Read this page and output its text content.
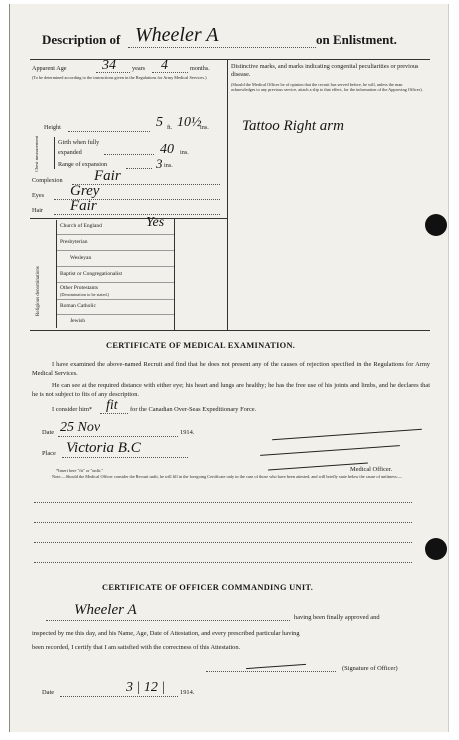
Description of Wheeler A	on Enlistment.
Apparent Age	34	years 4	months.
(To be determined according to the instructions given in the Regulations for Army Medical Services.)
Distinctive marks, and marks indicating congenital peculiarities or previous disease.
(Should the Medical Officer be of opinion that the recruit has served before, he will, unless the man acknowledges to any previous service, attach a slip to that effect, for the information of the Approving Officer).
Tattoo Right arm
Height	5 ft. 10½
ins.
Chest measurement	Girth when fully expanded	40 ins.
Range of expansion	3 ins.
Complexion Fair
Eyes Grey
Hair Fair
Religious denominations
Church of England	Yes
Presbyterian
Wesleyan
Baptist or Congregationalist
Other Protestants
(Denomination to be stated.)
Roman Catholic
Jewish
CERTIFICATE OF MEDICAL EXAMINATION.
I have examined the above-named Recruit and find that he does not present any of the causes of rejection specified in the Regulations for Army Medical Services.
He can see at the required distance with either eye; his heart and lungs are healthy; he has the free use of his joints and limbs, and he declares that he is not subject to fits of any description.
I consider him* fit for the Canadian Over-Seas Expeditionary Force.
Date 25 Nov	1914.
Place Victoria B.C
Medical Officer.
*Insert here "fit" or "unfit."
Note.—Should the Medical Officer consider the Recruit unfit, he will fill in the foregoing Certificate only in the case of those who have been attested, and will briefly state below the cause of unfitness:—
CERTIFICATE OF OFFICER COMMANDING UNIT.
Wheeler A	having been finally approved and
inspected by me this day, and his Name, Age, Date of Attestation, and every prescribed particular having
been recorded, I certify that I am satisfied with the correctness of this Attestation.
(Signature of Officer)
Date	3 | 12 | 1914.
